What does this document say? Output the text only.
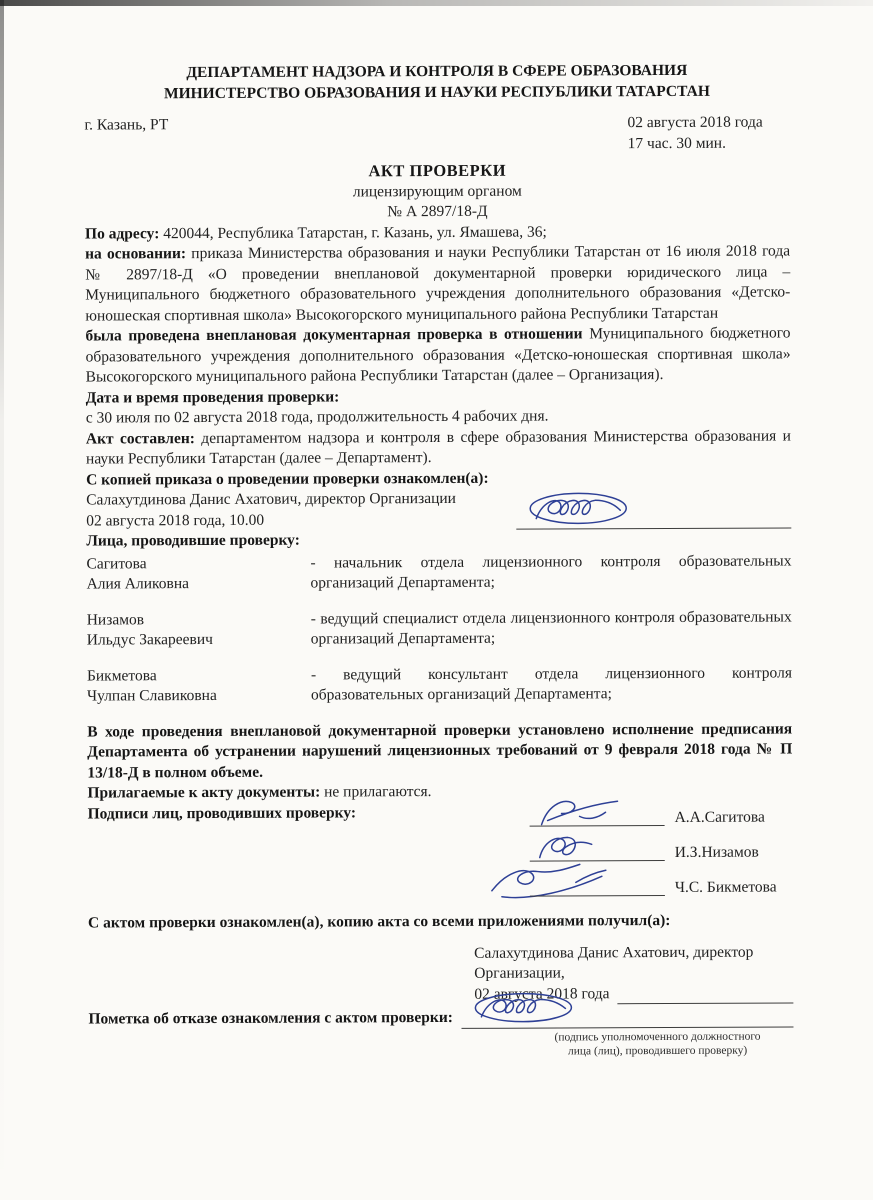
ДЕПАРТАМЕНТ НАДЗОРА И КОНТРОЛЯ В СФЕРЕ ОБРАЗОВАНИЯ
МИНИСТЕРСТВО ОБРАЗОВАНИЯ И НАУКИ РЕСПУБЛИКИ ТАТАРСТАН
г. Казань, РТ	02 августа 2018 года
17 час. 30 мин.
АКТ ПРОВЕРКИ
лицензирующим органом
№ А 2897/18-Д

По адресу: 420044, Республика Татарстан, г. Казань, ул. Ямашева, 36;

на основании: приказа Министерства образования и науки Республики Татарстан от 16 июля 2018 года № 2897/18-Д «О проведении внеплановой документарной проверки юридического лица – Муниципального бюджетного образовательного учреждения дополнительного образования «Детско-юношеская спортивная школа» Высокогорского муниципального района Республики Татарстан

была проведена внеплановая документарная проверка в отношении Муниципального бюджетного образовательного учреждения дополнительного образования «Детско-юношеская спортивная школа» Высокогорского муниципального района Республики Татарстан (далее – Организация).

Дата и время проведения проверки:

с 30 июля по 02 августа 2018 года, продолжительность 4 рабочих дня.

Акт составлен: департаментом надзора и контроля в сфере образования Министерства образования и науки Республики Татарстан (далее – Департамент).

С копией приказа о проведении проверки ознакомлен(а):

Салахутдинова Данис Ахатович, директор Организации

02 августа 2018 года, 10.00

Лица, проводившие проверку:

Сагитова
Алия Аликовна
- начальник отдела лицензионного контроля образовательных организаций Департамента;
Низамов
Ильдус Закареевич
- ведущий специалист отдела лицензионного контроля образовательных организаций Департамента;
Бикметова
Чулпан Славиковна
- ведущий консультант отдела лицензионного контроля образовательных организаций Департамента;

В ходе проведения внеплановой документарной проверки установлено исполнение предписания Департамента об устранении нарушений лицензионных требований от 9 февраля 2018 года № П 13/18-Д в полном объеме.

Прилагаемые к акту документы: не прилагаются.

Подписи лиц, проводивших проверку:	А.А.Сагитова
И.З.Низамов
Ч.С. Бикметова

С актом проверки ознакомлен(а), копию акта со всеми приложениями получил(а):

Салахутдинова Данис Ахатович, директор
Организации,
02 августа 2018 года
Пометка об отказе ознакомления с актом проверки :
(подпись уполномоченного должностного
лица (лиц), проводившего проверку)
